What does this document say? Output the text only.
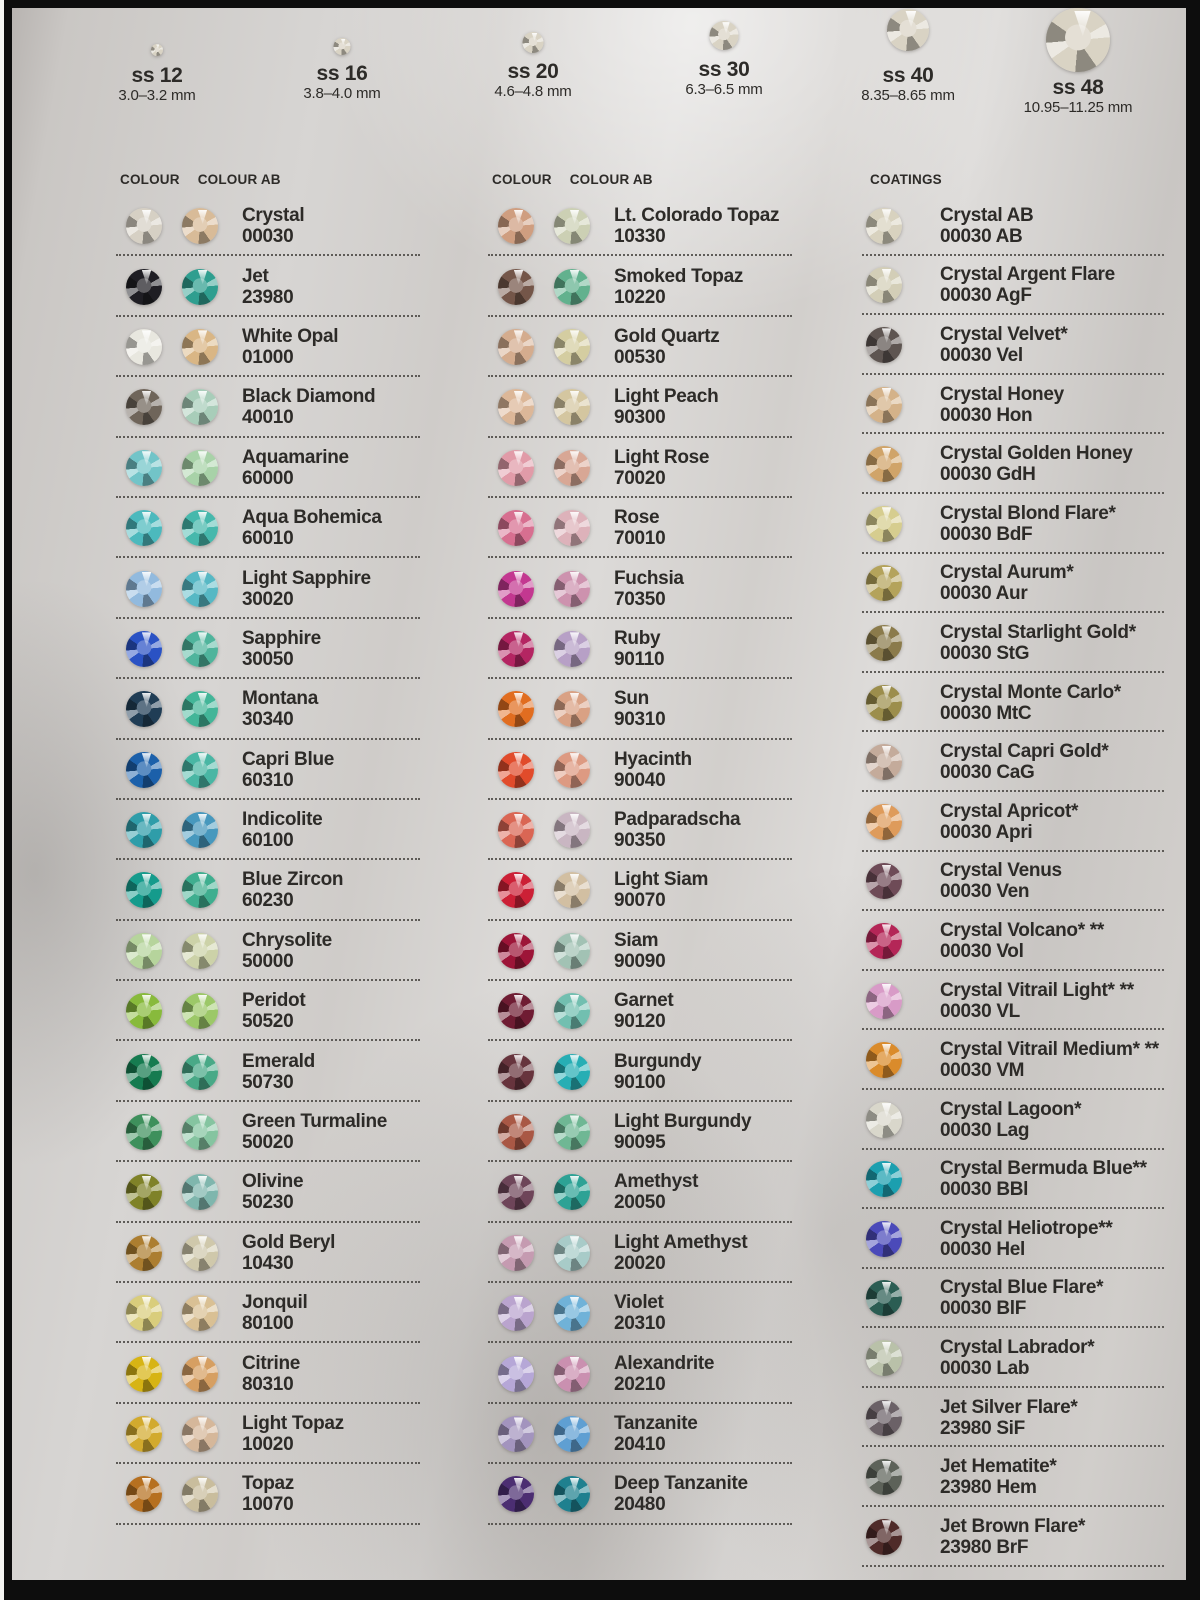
ss 12
3.0–3.2 mm
ss 16
3.8–4.0 mm
ss 20
4.6–4.8 mm
ss 30
6.3–6.5 mm
ss 40
8.35–8.65 mm	ss 48
10.95–11.25 mm
COLOUR COLOUR AB
Crystal
00030
Jet
23980
White Opal
01000
Black Diamond
40010
Aquamarine
60000
Aqua Bohemica
60010
Light Sapphire
30020
Sapphire
30050
Montana
30340
Capri Blue
60310
Indicolite
60100
Blue Zircon
60230
Chrysolite
50000
Peridot
50520
Emerald
50730
Green Turmaline
50020
Olivine
50230
Gold Beryl
10430
Jonquil
80100
Citrine
80310
Light Topaz
10020
Topaz
10070
COLOUR COLOUR AB
Lt. Colorado Topaz
10330
Smoked Topaz
10220
Gold Quartz
00530
Light Peach
90300
Light Rose
70020
Rose
70010
Fuchsia
70350
Ruby
90110
Sun
90310
Hyacinth
90040
Padparadscha
90350
Light Siam
90070
Siam
90090
Garnet
90120
Burgundy
90100
Light Burgundy
90095
Amethyst
20050
Light Amethyst
20020
Violet
20310
Alexandrite
20210
Tanzanite
20410
Deep Tanzanite
20480
COATINGS
Crystal AB
00030 AB
Crystal Argent Flare
00030 AgF
Crystal Velvet*
00030 Vel
Crystal Honey
00030 Hon
Crystal Golden Honey
00030 GdH
Crystal Blond Flare*
00030 BdF
Crystal Aurum*
00030 Aur
Crystal Starlight Gold*
00030 StG
Crystal Monte Carlo*
00030 MtC
Crystal Capri Gold*
00030 CaG
Crystal Apricot*
00030 Apri
Crystal Venus
00030 Ven
Crystal Volcano* **
00030 Vol
Crystal Vitrail Light* **
00030 VL
Crystal Vitrail Medium* **
00030 VM
Crystal Lagoon*
00030 Lag
Crystal Bermuda Blue**
00030 BBl
Crystal Heliotrope**
00030 Hel
Crystal Blue Flare*
00030 BlF
Crystal Labrador*
00030 Lab
Jet Silver Flare*
23980 SiF
Jet Hematite*
23980 Hem
Jet Brown Flare*
23980 BrF
